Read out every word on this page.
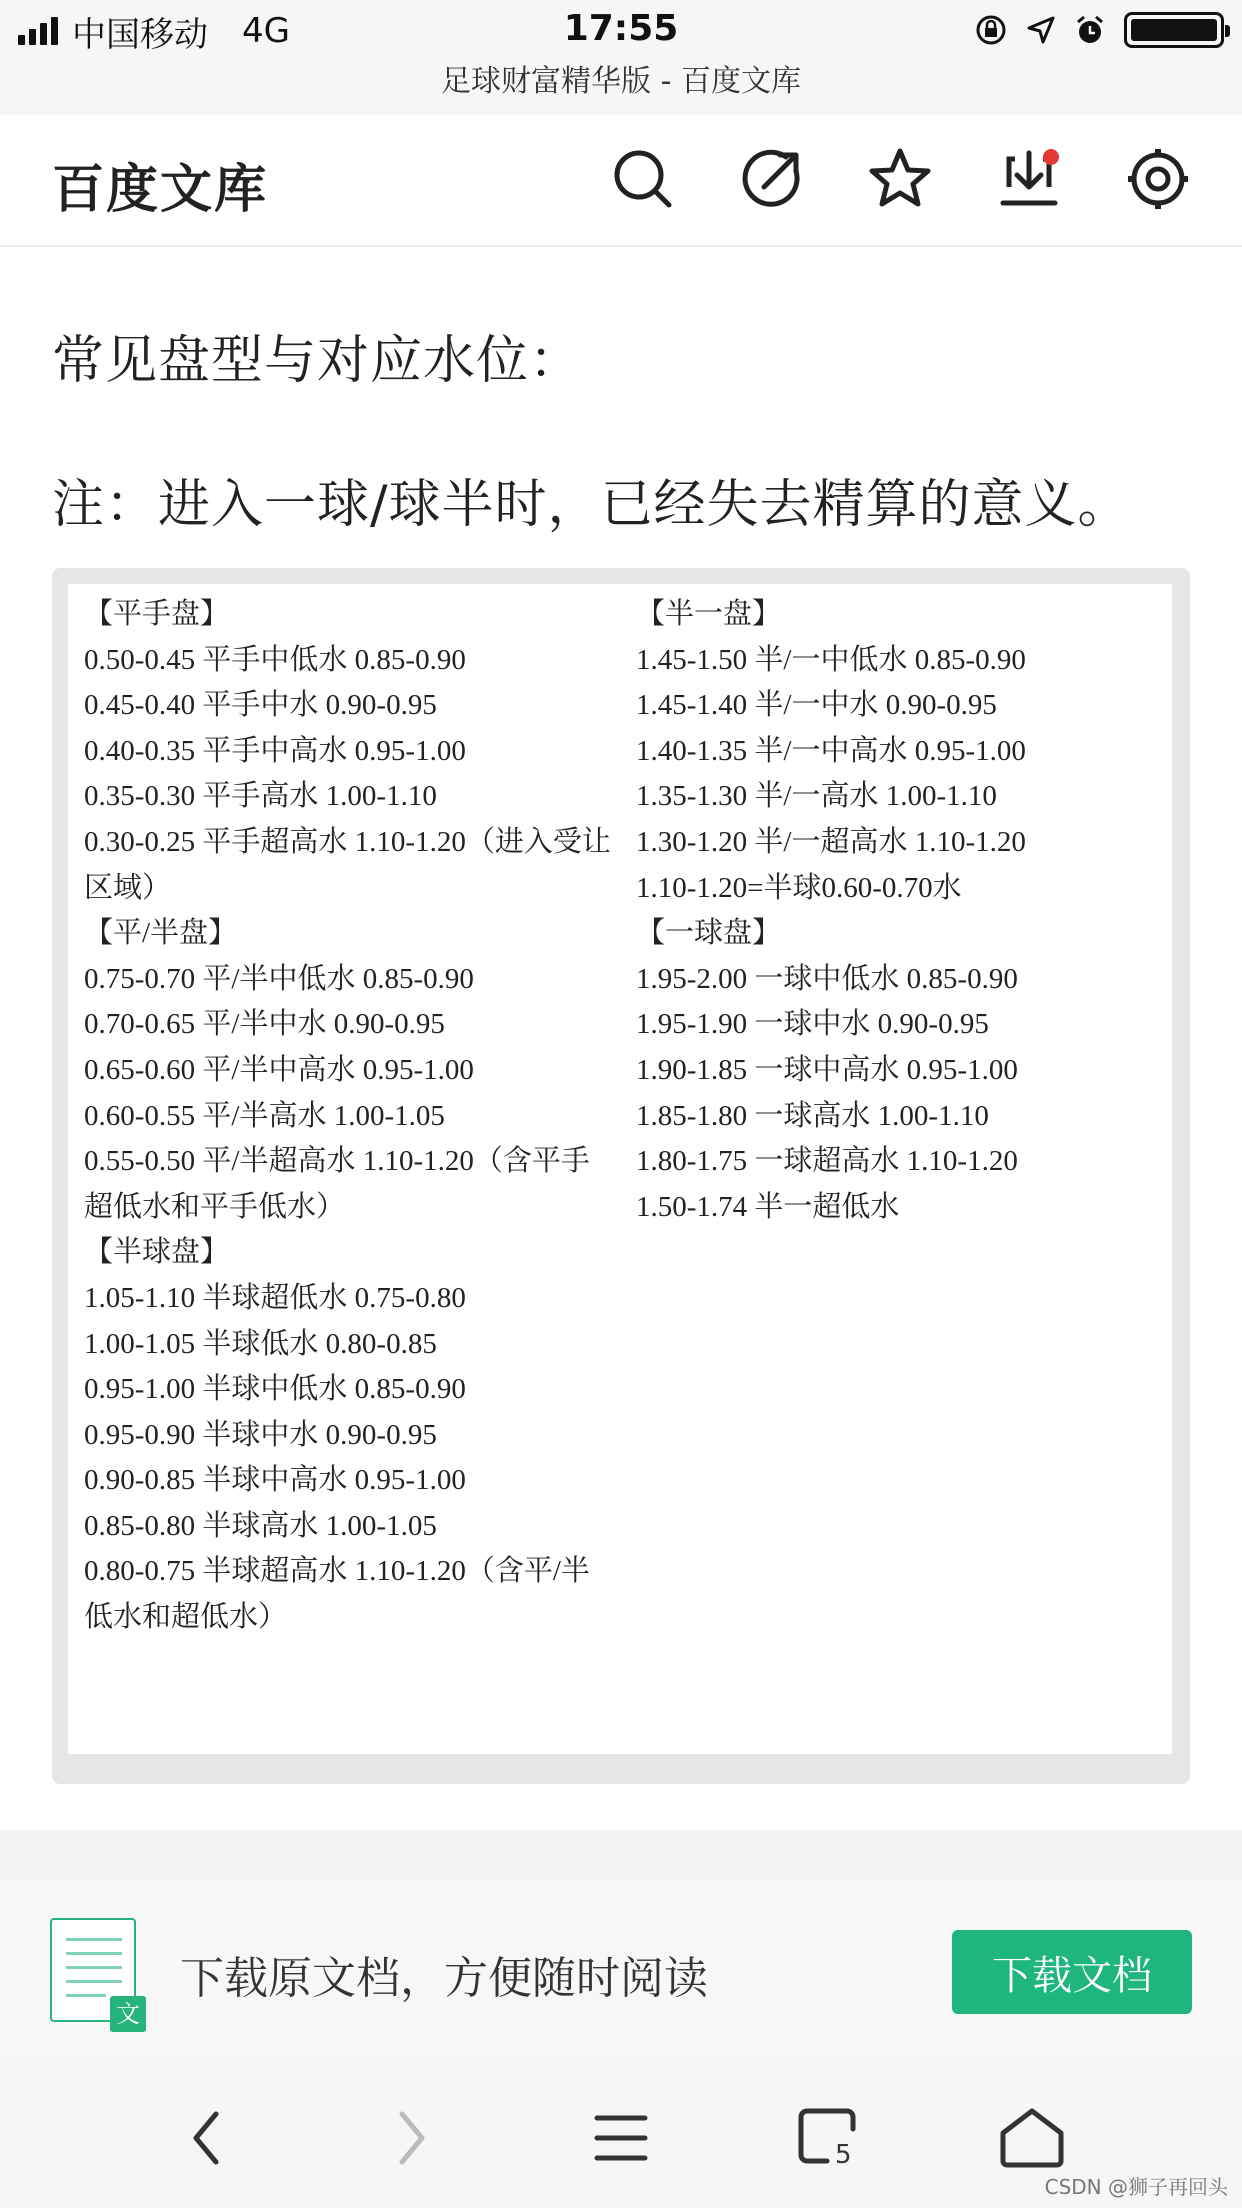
中国移动 4G	17:55
足球财富精华版 - 百度文库
百度文库
常见盘型与对应水位：
注：进入一球/球半时，已经失去精算的意义。
【平手盘】
0.50-0.45 平手中低水 0.85-0.90
0.45-0.40 平手中水 0.90-0.95
0.40-0.35 平手中高水 0.95-1.00
0.35-0.30 平手高水 1.00-1.10
0.30-0.25 平手超高水 1.10-1.20（进入受让
区域）
【平/半盘】
0.75-0.70 平/半中低水 0.85-0.90
0.70-0.65 平/半中水 0.90-0.95
0.65-0.60 平/半中高水 0.95-1.00
0.60-0.55 平/半高水 1.00-1.05
0.55-0.50 平/半超高水 1.10-1.20（含平手
超低水和平手低水）
【半球盘】
1.05-1.10 半球超低水 0.75-0.80
1.00-1.05 半球低水 0.80-0.85
0.95-1.00 半球中低水 0.85-0.90
0.95-0.90 半球中水 0.90-0.95
0.90-0.85 半球中高水 0.95-1.00
0.85-0.80 半球高水 1.00-1.05
0.80-0.75 半球超高水 1.10-1.20（含平/半
低水和超低水）
【半一盘】
1.45-1.50 半/一中低水 0.85-0.90
1.45-1.40 半/一中水 0.90-0.95
1.40-1.35 半/一中高水 0.95-1.00
1.35-1.30 半/一高水 1.00-1.10
1.30-1.20 半/一超高水 1.10-1.20
1.10-1.20=半球0.60-0.70水
【一球盘】
1.95-2.00 一球中低水 0.85-0.90
1.95-1.90 一球中水 0.90-0.95
1.90-1.85 一球中高水 0.95-1.00
1.85-1.80 一球高水 1.00-1.10
1.80-1.75 一球超高水 1.10-1.20
1.50-1.74 半一超低水
文
下载原文档，方便随时阅读	下载文档
5
CSDN @狮子再回头
